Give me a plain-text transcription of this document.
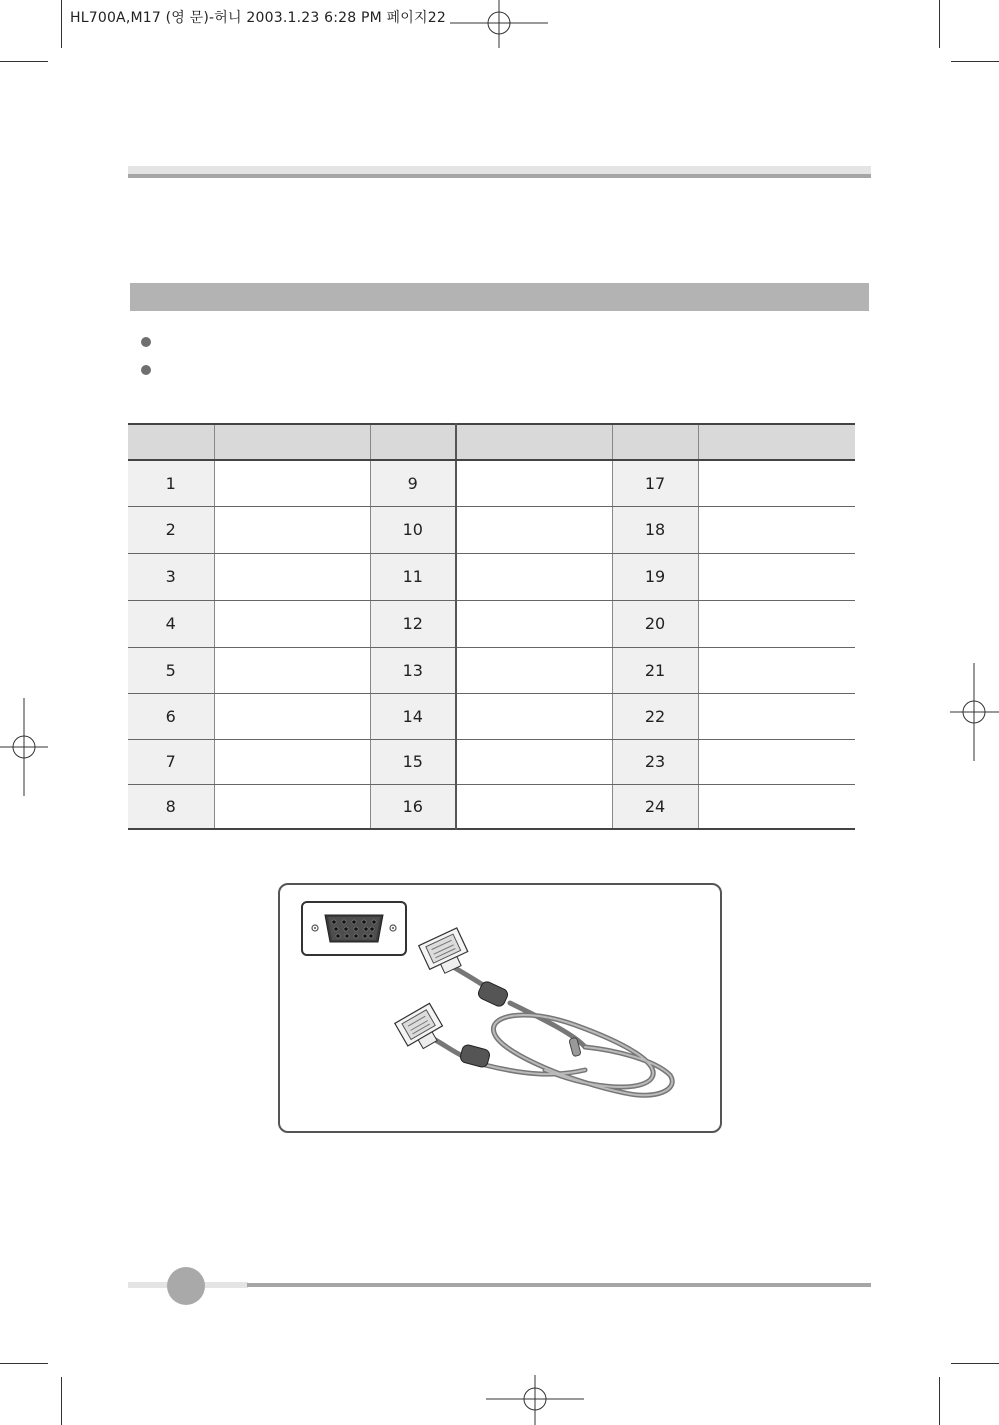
HL700A,M17 (영 문)-허니 2003.1.23 6:28 PM 페이지22

1		9		17	
2		10		18	
3		11		19	
4		12		20	
5		13		21	
6		14		22	
7		15		23	
8		16		24	
